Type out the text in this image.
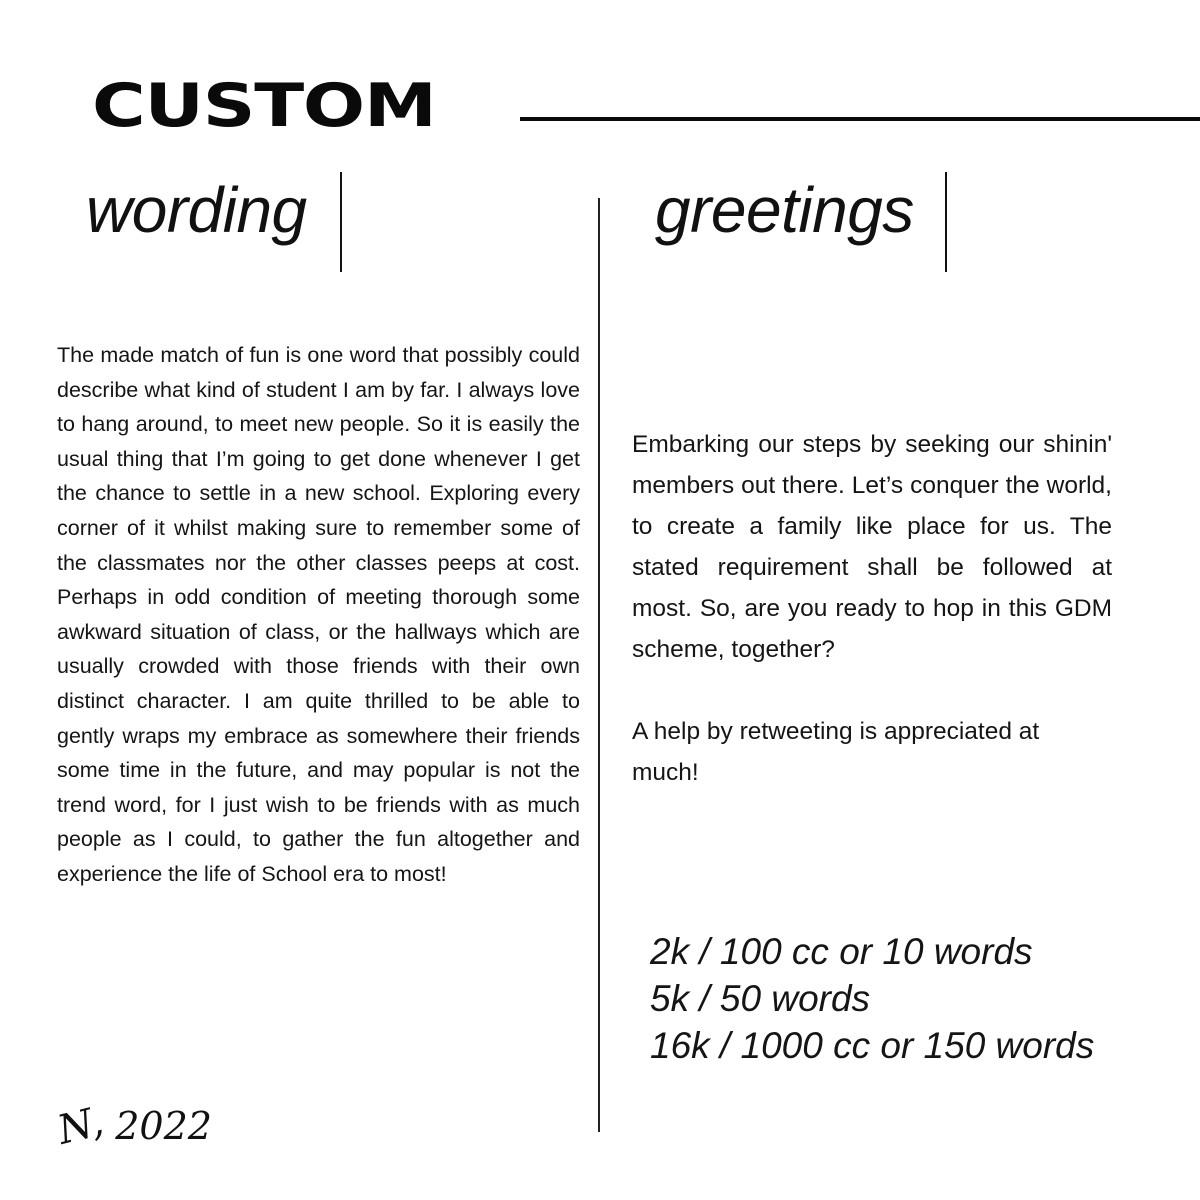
CUSTOM
wording	greetings
The made match of fun is one word that possibly could describe what kind of student I am by far. I always love to hang around, to meet new people. So it is easily the usual thing that I’m going to get done whenever I get the chance to settle in a new school. Exploring every corner of it whilst making sure to remember some of the classmates nor the other classes peeps at cost. Perhaps in odd condition of meeting thorough some awkward situation of class, or the hallways which are usually crowded with those friends with their own distinct character. I am quite thrilled to be able to gently wraps my embrace as somewhere their friends some time in the future, and may popular is not the trend word, for I just wish to be friends with as much people as I could, to gather the fun altogether and experience the life of School era to most!

Embarking our steps by seeking our shinin' members out there. Let’s conquer the world, to create a family like place for us. The stated requirement shall be followed at most. So, are you ready to hop in this GDM scheme, together?

A help by retweeting is appreciated at much!

2k / 100 cc or 10 words
5k / 50 words
16k / 1000 cc or 150 words
N, 2022
